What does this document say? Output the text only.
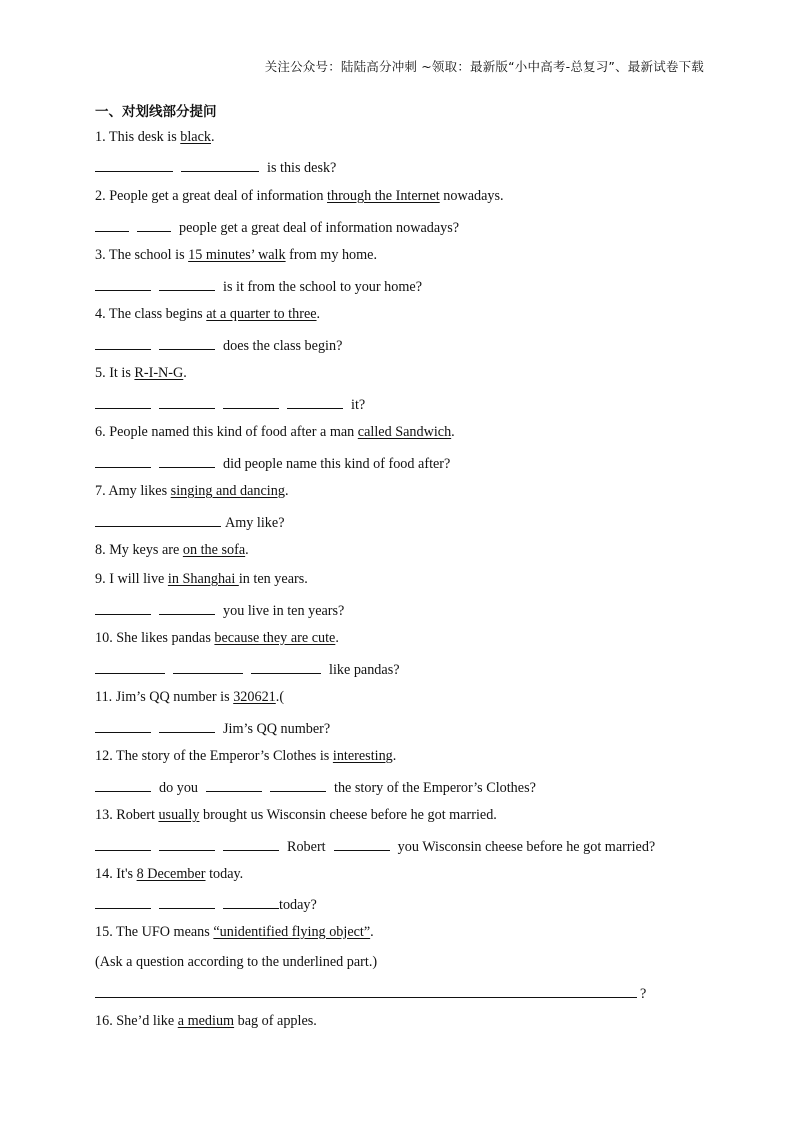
关注公众号：陆陆高分冲刺 ~领取：最新版“小中高考-总复习”、最新试卷下载
一、对划线部分提问
1. This desk is black.
is this desk?
2. People get a great deal of information through the Internet nowadays.
people get a great deal of information nowadays?
3. The school is 15 minutes’ walk from my home.
is it from the school to your home?
4. The class begins at a quarter to three.
does the class begin?
5. It is R-I-N-G.
it?
6. People named this kind of food after a man called Sandwich.
did people name this kind of food after?
7. Amy likes singing and dancing.
Amy like?
8. My keys are on the sofa.
9. I will live in Shanghai in ten years.
you live in ten years?
10. She likes pandas because they are cute.
like pandas?
11. Jim’s QQ number is 320621.(
Jim’s QQ number?
12. The story of the Emperor’s Clothes is interesting.
do you	the story of the Emperor’s Clothes?
13. Robert usually brought us Wisconsin cheese before he got married.
Robert	you Wisconsin cheese before he got married?
14. It's 8 December today.
today?
15. The UFO means “unidentified flying object”.
(Ask a question according to the underlined part.)
?
16. She’d like a medium bag of apples.
